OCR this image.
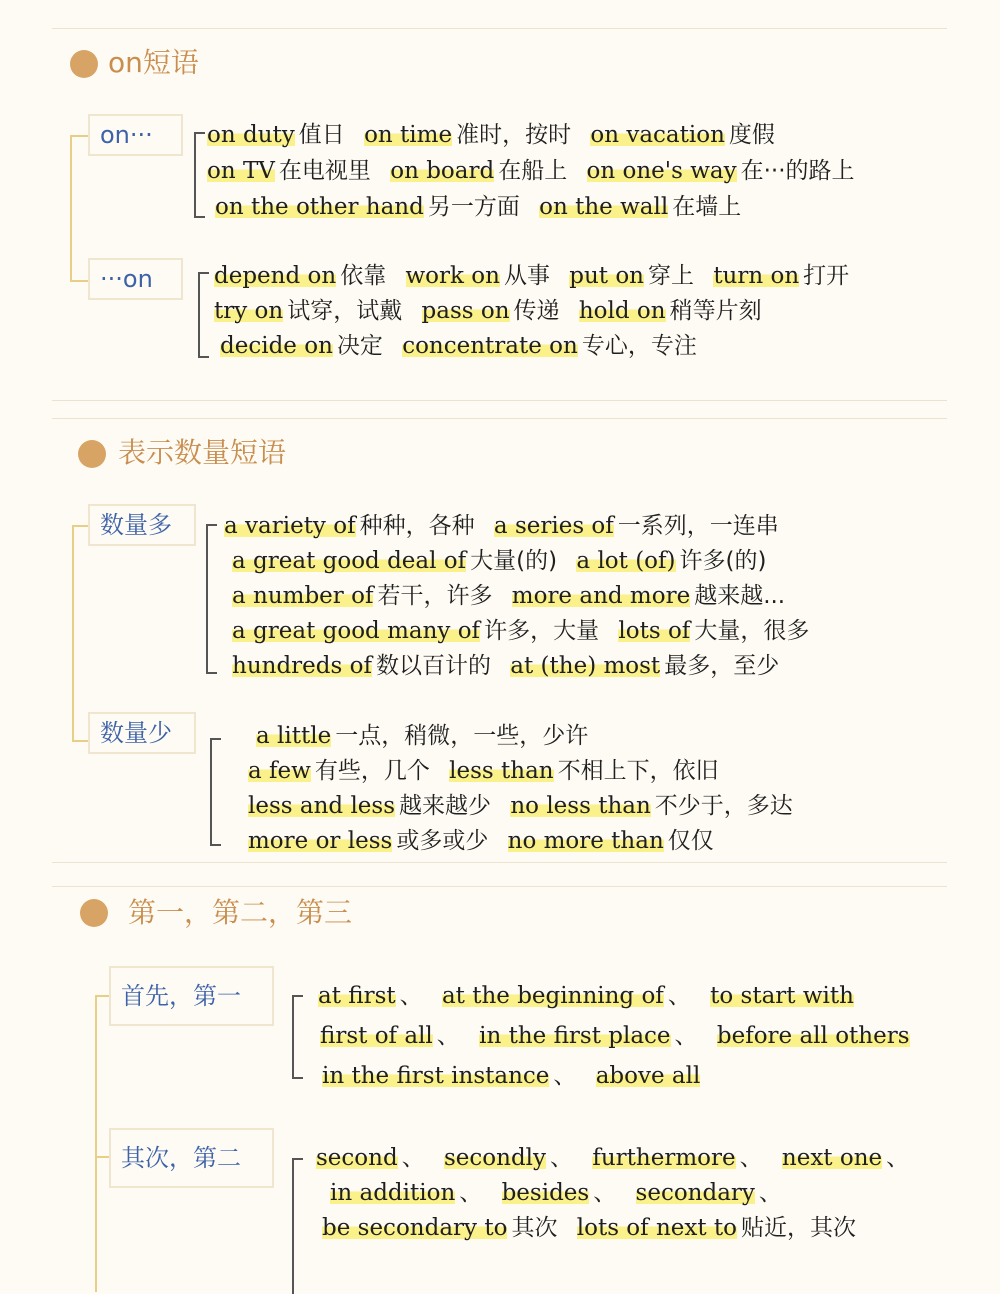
on短语
on···	on duty 值日 on time 准时，按时 on vacation 度假
on TV 在电视里 on board 在船上 on one's way 在···的路上
on the other hand 另一方面 on the wall 在墙上
···on	depend on 依靠 work on 从事 put on 穿上 turn on 打开
try on 试穿，试戴 pass on 传递 hold on 稍等片刻
decide on 决定 concentrate on 专心，专注
表示数量短语
数量多	a variety of 种种，各种 a series of 一系列，一连串
a great good deal of 大量(的) a lot (of) 许多(的)
a number of 若干，许多 more and more 越来越...
a great good many of 许多，大量 lots of 大量，很多
hundreds of 数以百计的 at (the) most 最多，至少
数量少	a little 一点，稍微，一些，少许
a few 有些，几个 less than 不相上下，依旧
less and less 越来越少 no less than 不少于，多达
more or less 或多或少 no more than 仅仅
第一，第二，第三
首先，第一	at first 、 at the beginning of 、 to start with
first of all 、 in the first place 、 before all others
in the first instance 、 above all
其次，第二	second 、 secondly 、 furthermore 、 next one 、
in addition 、 besides 、 secondary 、
be secondary to 其次 lots of next to 贴近，其次
